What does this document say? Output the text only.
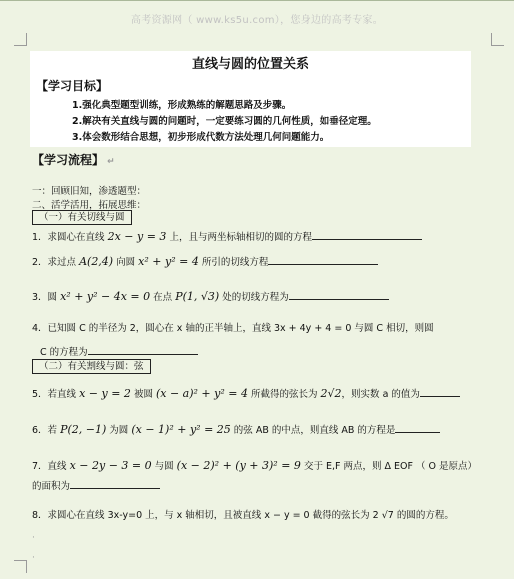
高考资源网（ www.ks5u.com），您身边的高考专家。
直线与圆的位置关系
【学习目标】
1.强化典型题型训练，形成熟练的解题思路及步骤。
2.解决有关直线与圆的问题时，一定要练习圆的几何性质，如垂径定理。
3.体会数形结合思想，初步形成代数方法处理几何问题能力。
【学习流程】 ↵
一：回顾旧知，渗透题型：
二、活学活用，拓展思维：
（一）有关切线与圆
1．求圆心在直线 2x − y = 3 上，且与两坐标轴相切的圆的方程
2．求过点 A(2,4) 向圆 x² + y² = 4 所引的切线方程
3．圆 x² + y² − 4x = 0 在点 P(1, √3) 处的切线方程为
4．已知圆 C 的半径为 2，圆心在 x 轴的正半轴上，直线 3x + 4y + 4 = 0 与圆 C 相切，则圆
C 的方程为
（二）有关割线与圆：弦
5．若直线 x − y = 2 被圆 (x − a)² + y² = 4 所截得的弦长为 2√2，则实数 a 的值为
6．若 P(2, −1) 为圆 (x − 1)² + y² = 25 的弦 AB 的中点，则直线 AB 的方程是
7．直线 x − 2y − 3 = 0 与圆 (x − 2)² + (y + 3)² = 9 交于 E,F 两点，则 Δ EOF （ O 是原点）
的面积为
8．求圆心在直线 3x-y=0 上，与 x 轴相切，且被直线 x − y = 0 截得的弦长为 2 √7 的圆的方程。
·
·
